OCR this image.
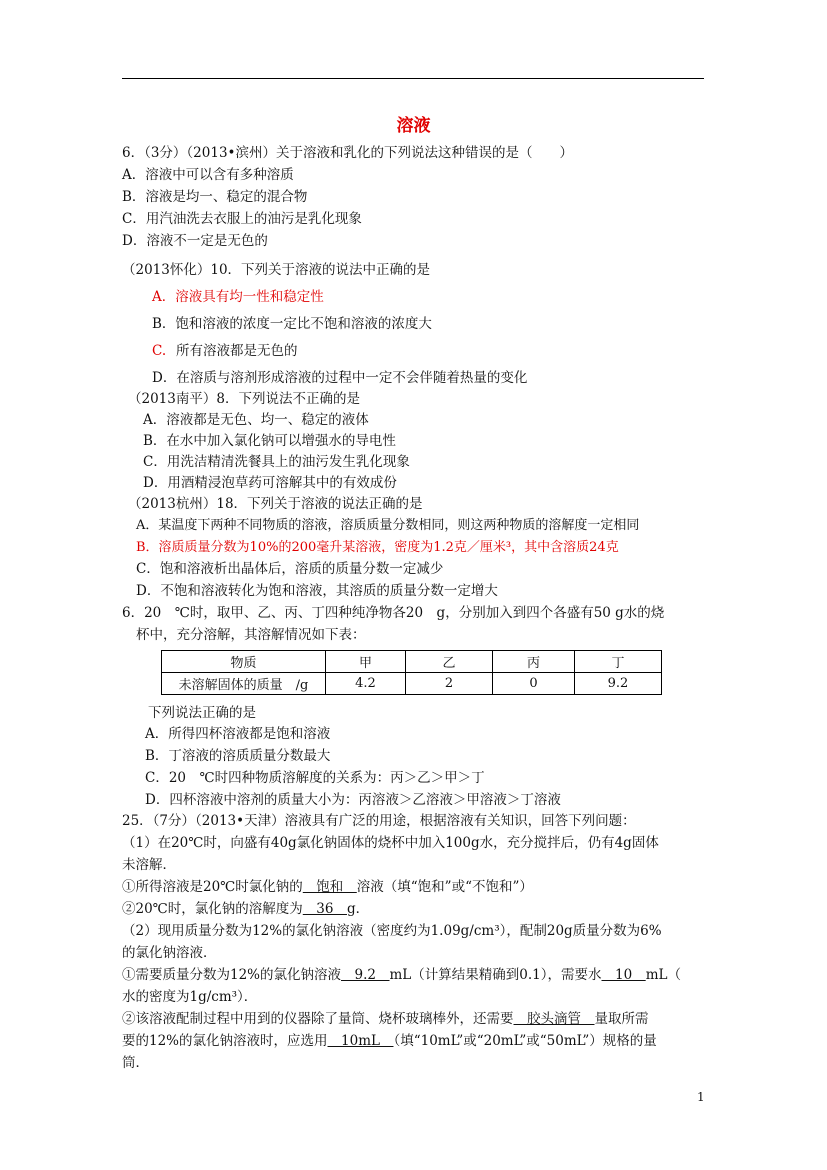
溶液
6．（3分）（2013•滨州）关于溶液和乳化的下列说法这种错误的是（　　）
A．溶液中可以含有多种溶质
B．溶液是均一、稳定的混合物
C．用汽油洗去衣服上的油污是乳化现象
D．溶液不一定是无色的
（2013怀化）10．下列关于溶液的说法中正确的是
A．溶液具有均一性和稳定性
B．饱和溶液的浓度一定比不饱和溶液的浓度大
C. 所有溶液都是无色的
D．在溶质与溶剂形成溶液的过程中一定不会伴随着热量的变化
（2013南平）8．下列说法不正确的是
A．溶液都是无色、均一、稳定的液体
B．在水中加入氯化钠可以增强水的导电性
C．用洗洁精清洗餐具上的油污发生乳化现象
D．用酒精浸泡草药可溶解其中的有效成份
（2013杭州）18．下列关于溶液的说法正确的是
A．某温度下两种不同物质的溶液，溶质质量分数相同，则这两种物质的溶解度一定相同
B．溶质质量分数为10%的200毫升某溶液，密度为1.2克／厘米³，其中含溶质24克
C．饱和溶液析出晶体后，溶质的质量分数一定减少
D．不饱和溶液转化为饱和溶液，其溶质的质量分数一定增大
6．20　℃时，取甲、乙、丙、丁四种纯净物各20　g，分别加入到四个各盛有50 g水的烧
杯中，充分溶解，其溶解情况如下表：
物质	甲	乙	丙	丁
未溶解固体的质量　/g	4.2	2	0	9.2
下列说法正确的是
A．所得四杯溶液都是饱和溶液
B．丁溶液的溶质质量分数最大
C．20　℃时四种物质溶解度的关系为：丙＞乙＞甲＞丁
D．四杯溶液中溶剂的质量大小为：丙溶液＞乙溶液＞甲溶液＞丁溶液
25．（7分）（2013•天津）溶液具有广泛的用途，根据溶液有关知识，回答下列问题：
（1）在20℃时，向盛有40g氯化钠固体的烧杯中加入100g水，充分搅拌后，仍有4g固体
未溶解．
①所得溶液是20℃时氯化钠的　饱和　溶液（填“饱和”或“不饱和”）
②20℃时，氯化钠的溶解度为　36　g．
（2）现用质量分数为12%的氯化钠溶液（密度约为1.09g/cm³），配制20g质量分数为6%
的氯化钠溶液．
①需要质量分数为12%的氯化钠溶液　9.2　mL（计算结果精确到0.1），需要水　10　mL（
水的密度为1g/cm³）．
②该溶液配制过程中用到的仪器除了量筒、烧杯玻璃棒外，还需要　胶头滴管　量取所需
要的12%的氯化钠溶液时，应选用　10mL　（填“10mL”或“20mL”或“50mL”）规格的量
筒．
1
